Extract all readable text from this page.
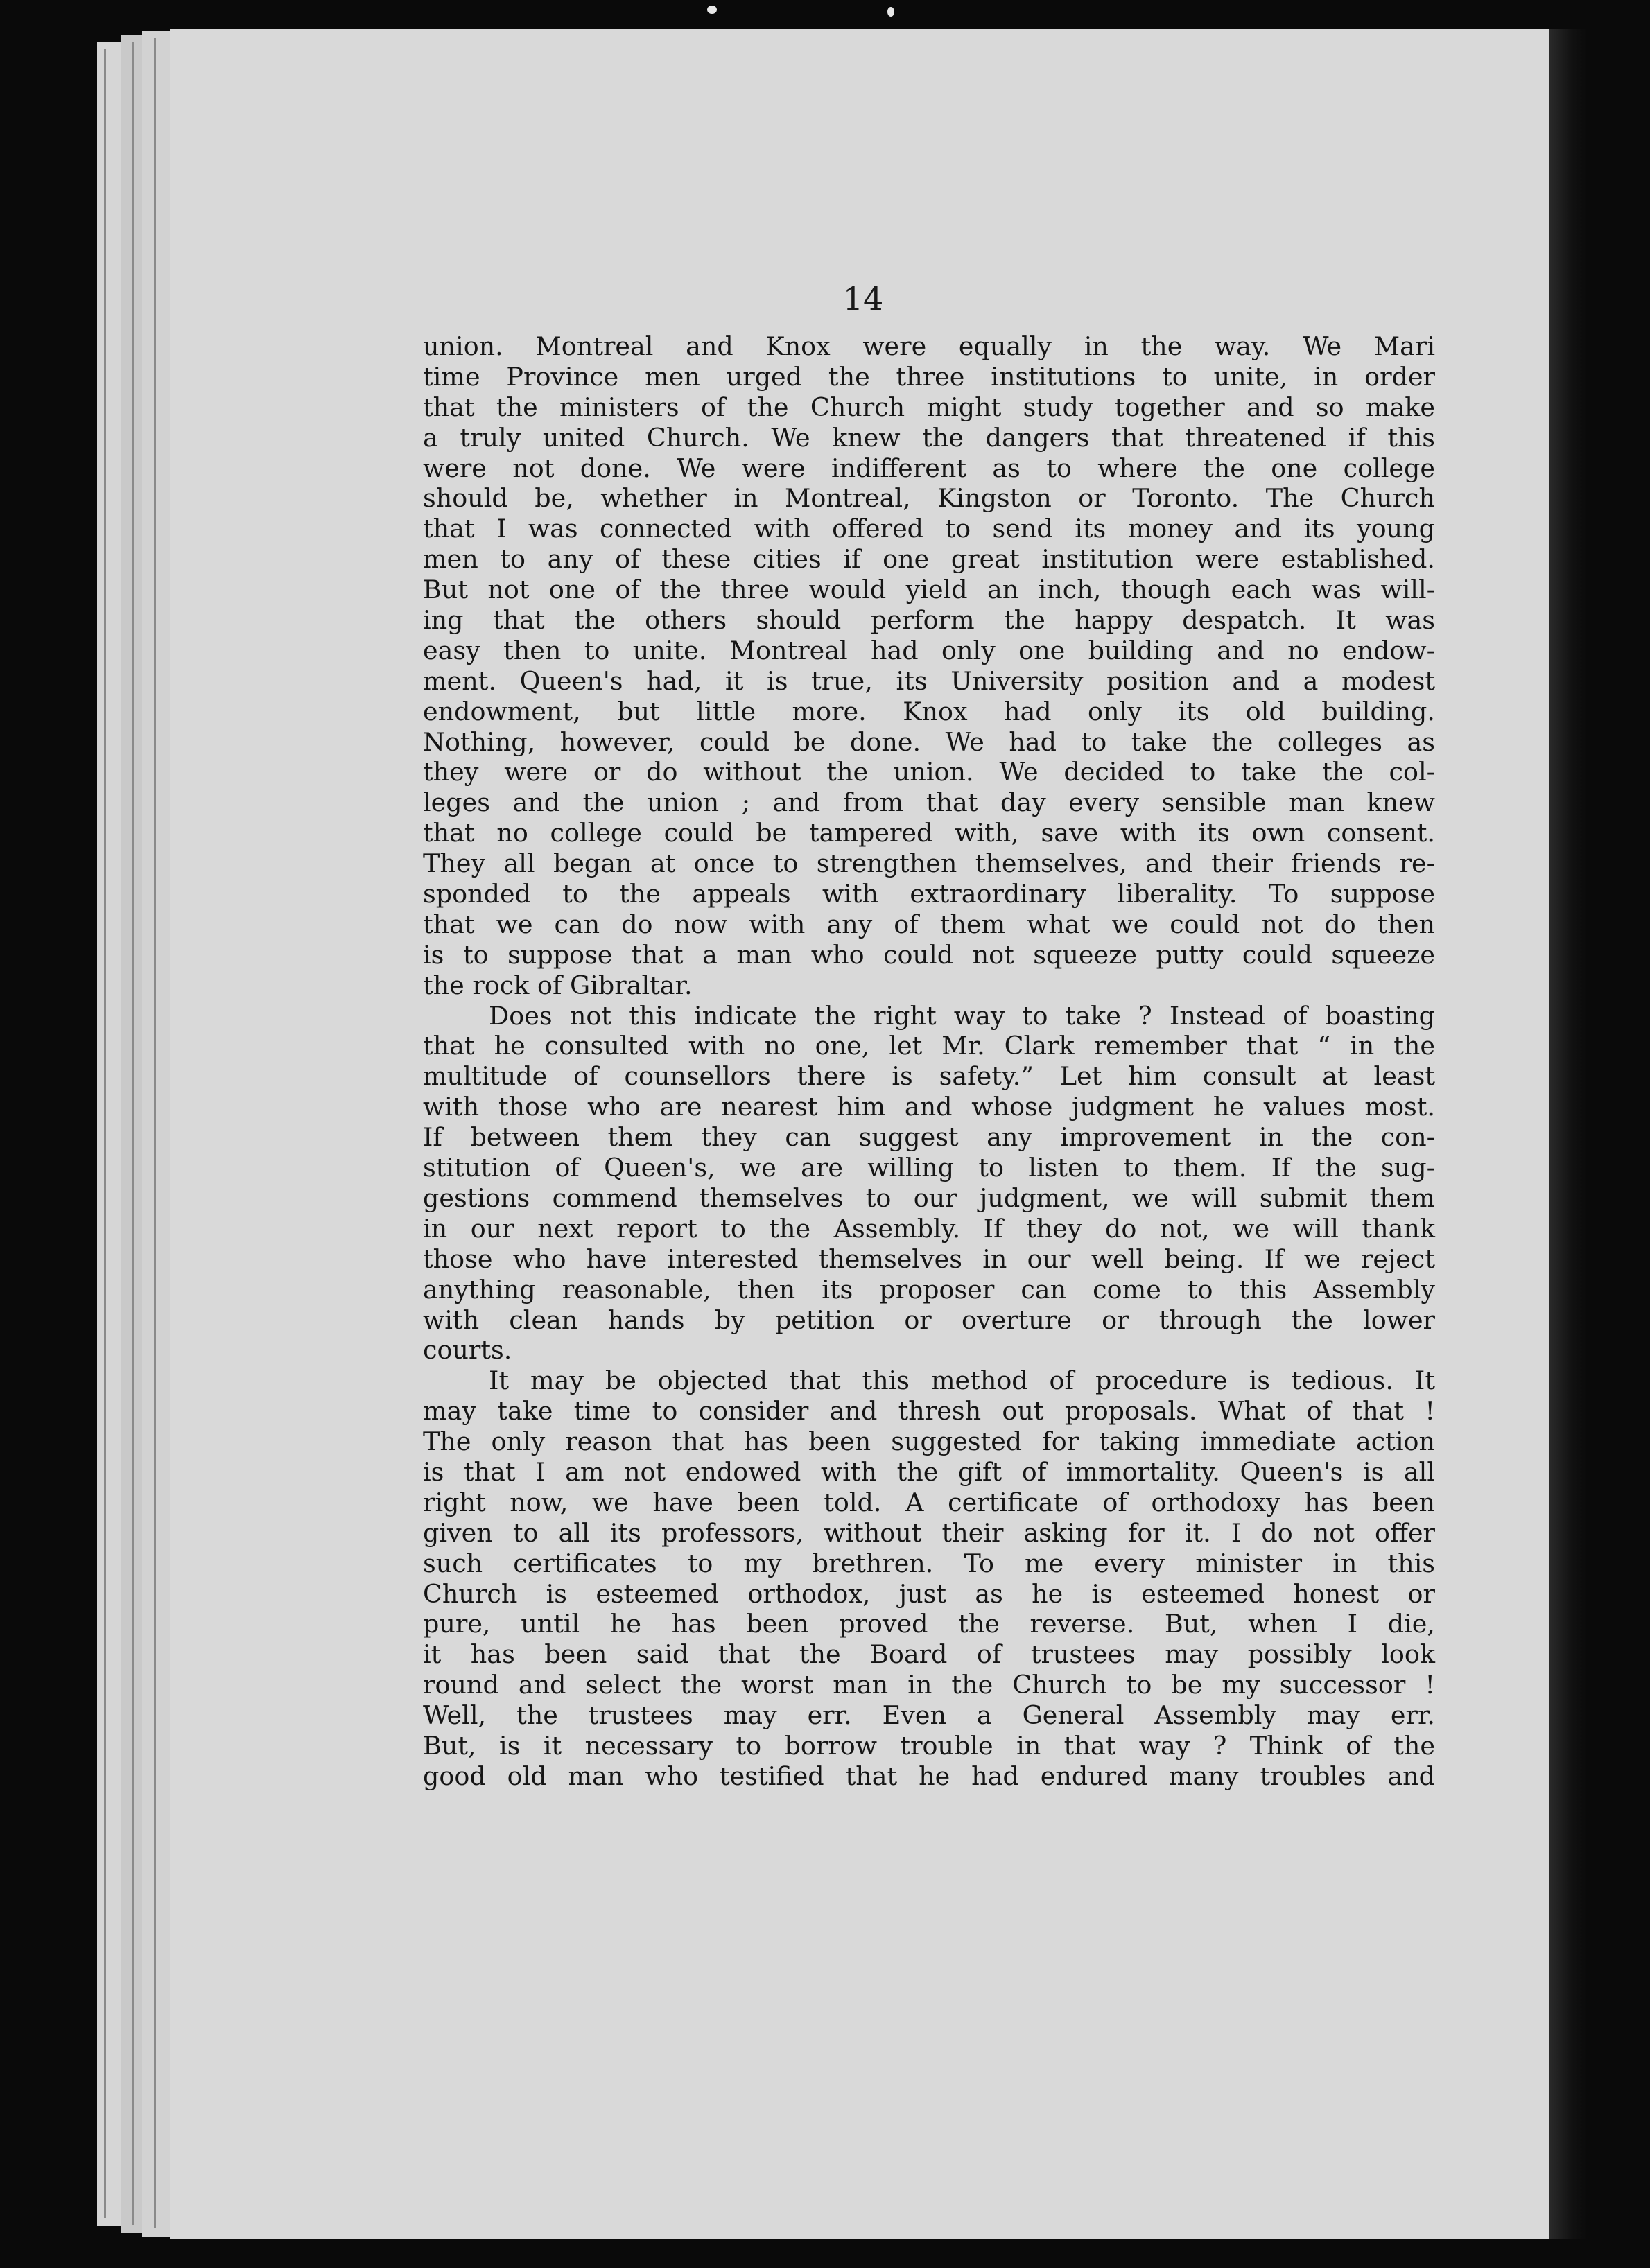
14

union. Montreal and Knox were equally in the way. We Mari
time Province men urged the three institutions to unite, in order
that the ministers of the Church might study together and so make
a truly united Church. We knew the dangers that threatened if this
were not done. We were indifferent as to where the one college
should be, whether in Montreal, Kingston or Toronto. The Church
that I was connected with offered to send its money and its young
men to any of these cities if one great institution were established.
But not one of the three would yield an inch, though each was will-
ing that the others should perform the happy despatch. It was
easy then to unite. Montreal had only one building and no endow-
ment. Queen's had, it is true, its University position and a modest
endowment, but little more. Knox had only its old building.
Nothing, however, could be done. We had to take the colleges as
they were or do without the union. We decided to take the col-
leges and the union ; and from that day every sensible man knew
that no college could be tampered with, save with its own consent.
They all began at once to strengthen themselves, and their friends re-
sponded to the appeals with extraordinary liberality. To suppose
that we can do now with any of them what we could not do then
is to suppose that a man who could not squeeze putty could squeeze
the rock of Gibraltar.
Does not this indicate the right way to take ? Instead of boasting
that he consulted with no one, let Mr. Clark remember that “ in the
multitude of counsellors there is safety.” Let him consult at least
with those who are nearest him and whose judgment he values most.
If between them they can suggest any improvement in the con-
stitution of Queen's, we are willing to listen to them. If the sug-
gestions commend themselves to our judgment, we will submit them
in our next report to the Assembly. If they do not, we will thank
those who have interested themselves in our well being. If we reject
anything reasonable, then its proposer can come to this Assembly
with clean hands by petition or overture or through the lower
courts.
It may be objected that this method of procedure is tedious. It
may take time to consider and thresh out proposals. What of that !
The only reason that has been suggested for taking immediate action
is that I am not endowed with the gift of immortality. Queen's is all
right now, we have been told. A certificate of orthodoxy has been
given to all its professors, without their asking for it. I do not offer
such certificates to my brethren. To me every minister in this
Church is esteemed orthodox, just as he is esteemed honest or
pure, until he has been proved the reverse. But, when I die,
it has been said that the Board of trustees may possibly look
round and select the worst man in the Church to be my successor !
Well, the trustees may err. Even a General Assembly may err.
But, is it necessary to borrow trouble in that way ? Think of the
good old man who testified that he had endured many troubles and
